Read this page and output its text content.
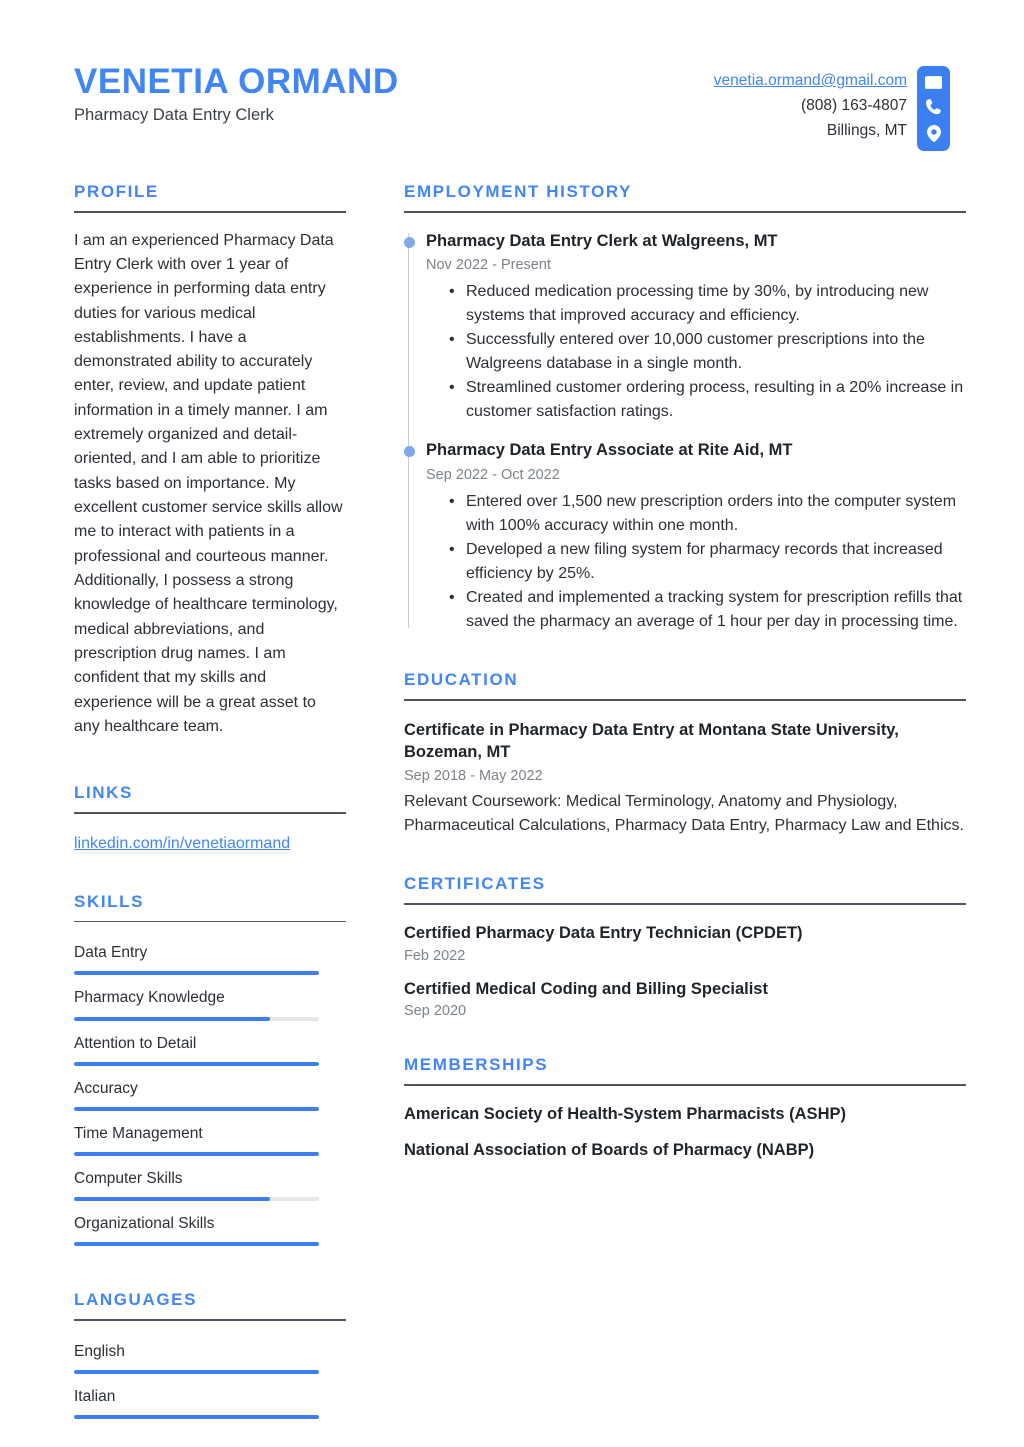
VENETIA ORMAND
Pharmacy Data Entry Clerk
venetia.ormand@gmail.com
(808) 163-4807
Billings, MT
PROFILE
I am an experienced Pharmacy Data Entry Clerk with over 1 year of experience in performing data entry duties for various medical establishments. I have a demonstrated ability to accurately enter, review, and update patient information in a timely manner. I am extremely organized and detail-oriented, and I am able to prioritize tasks based on importance. My excellent customer service skills allow me to interact with patients in a professional and courteous manner. Additionally, I possess a strong knowledge of healthcare terminology, medical abbreviations, and prescription drug names. I am confident that my skills and experience will be a great asset to any healthcare team.
LINKS
linkedin.com/in/venetiaormand
SKILLS
Data Entry
Pharmacy Knowledge
Attention to Detail
Accuracy
Time Management
Computer Skills
Organizational Skills
LANGUAGES
English
Italian
EMPLOYMENT HISTORY
Pharmacy Data Entry Clerk at Walgreens, MT
Nov 2022 - Present
• Reduced medication processing time by 30%, by introducing new systems that improved accuracy and efficiency.
• Successfully entered over 10,000 customer prescriptions into the Walgreens database in a single month.
• Streamlined customer ordering process, resulting in a 20% increase in customer satisfaction ratings.
Pharmacy Data Entry Associate at Rite Aid, MT
Sep 2022 - Oct 2022
• Entered over 1,500 new prescription orders into the computer system with 100% accuracy within one month.
• Developed a new filing system for pharmacy records that increased efficiency by 25%.
• Created and implemented a tracking system for prescription refills that saved the pharmacy an average of 1 hour per day in processing time.
EDUCATION
Certificate in Pharmacy Data Entry at Montana State University, Bozeman, MT
Sep 2018 - May 2022
Relevant Coursework: Medical Terminology, Anatomy and Physiology, Pharmaceutical Calculations, Pharmacy Data Entry, Pharmacy Law and Ethics.
CERTIFICATES
Certified Pharmacy Data Entry Technician (CPDET)
Feb 2022
Certified Medical Coding and Billing Specialist
Sep 2020
MEMBERSHIPS
American Society of Health-System Pharmacists (ASHP)
National Association of Boards of Pharmacy (NABP)
